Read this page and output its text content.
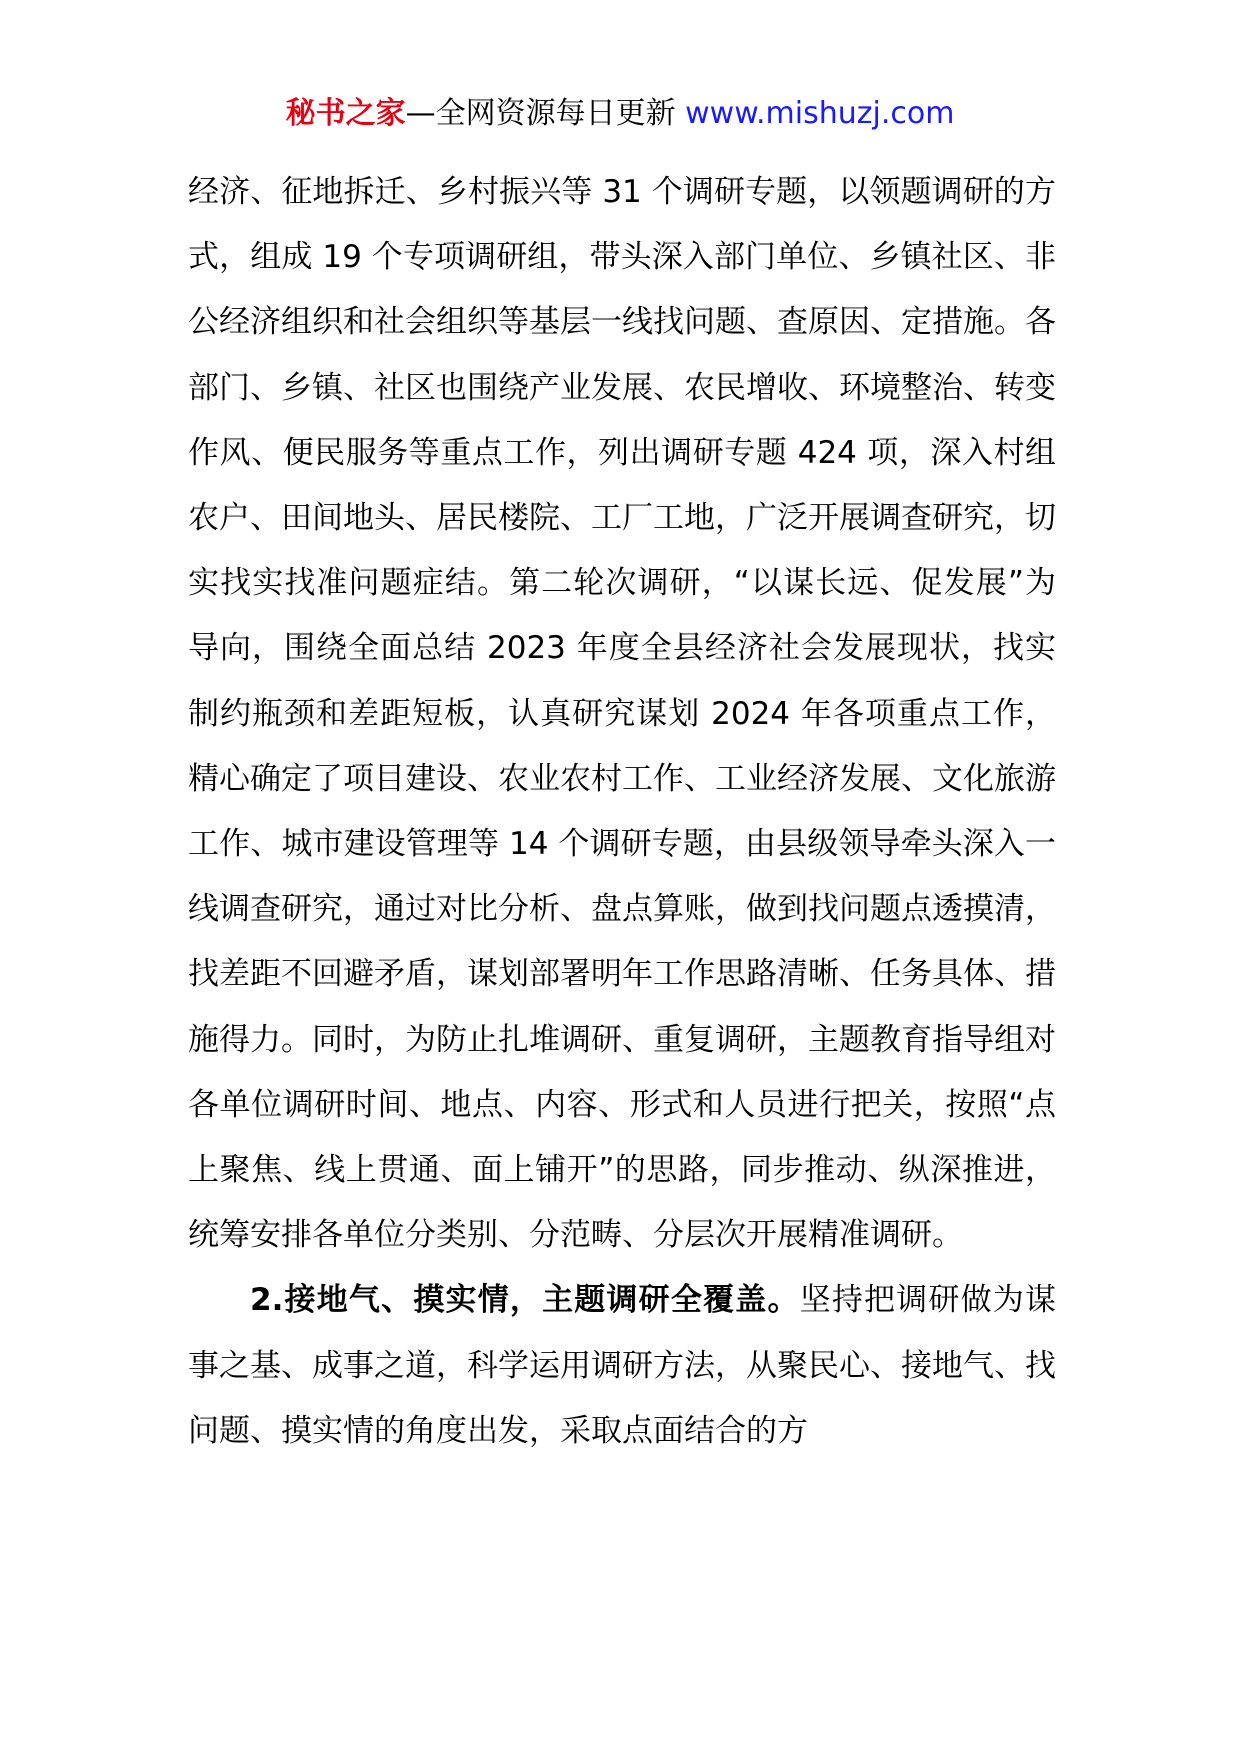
秘书之家—全网资源每日更新 www.mishuzj.com

经济、征地拆迁、乡村振兴等 31 个调研专题，以领题调研的方式，组成 19 个专项调研组，带头深入部门单位、乡镇社区、非公经济组织和社会组织等基层一线找问题、查原因、定措施。各部门、乡镇、社区也围绕产业发展、农民增收、环境整治、转变作风、便民服务等重点工作，列出调研专题 424 项，深入村组农户、田间地头、居民楼院、工厂工地，广泛开展调查研究，切实找实找准问题症结。第二轮次调研，“以谋长远、促发展”为导向，围绕全面总结 2023 年度全县经济社会发展现状，找实制约瓶颈和差距短板，认真研究谋划 2024 年各项重点工作，精心确定了项目建设、农业农村工作、工业经济发展、文化旅游工作、城市建设管理等 14 个调研专题，由县级领导牵头深入一线调查研究，通过对比分析、盘点算账，做到找问题点透摸清，找差距不回避矛盾，谋划部署明年工作思路清晰、任务具体、措施得力。同时，为防止扎堆调研、重复调研，主题教育指导组对各单位调研时间、地点、内容、形式和人员进行把关，按照“点上聚焦、线上贯通、面上铺开”的思路，同步推动、纵深推进，统筹安排各单位分类别、分范畴、分层次开展精准调研。

2.接地气、摸实情，主题调研全覆盖。坚持把调研做为谋事之基、成事之道，科学运用调研方法，从聚民心、接地气、找问题、摸实情的角度出发，采取点面结合的方
